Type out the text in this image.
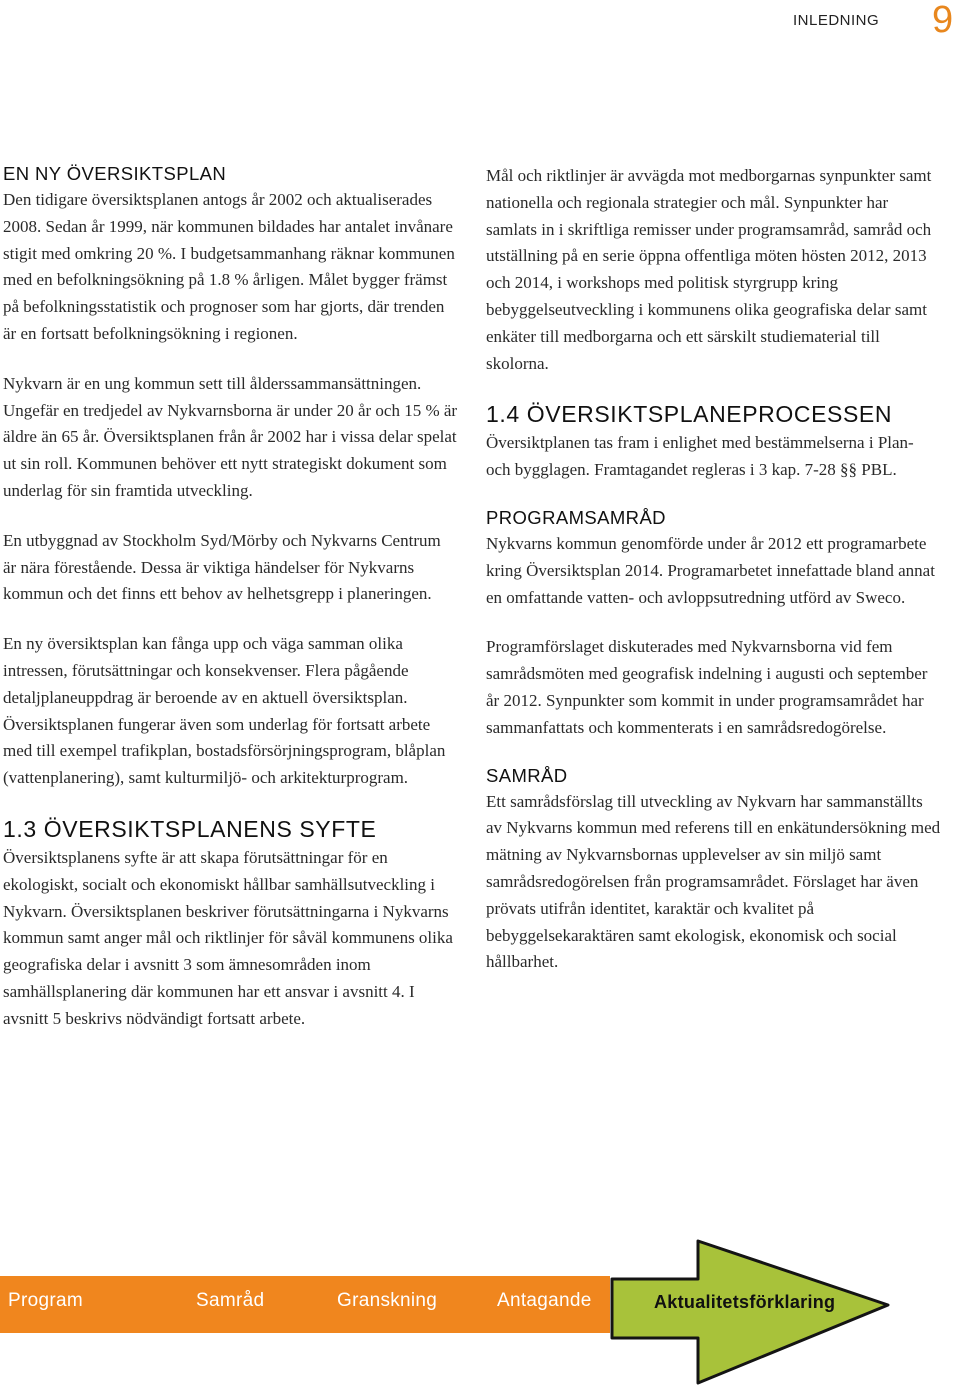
INLEDNING 9
EN NY ÖVERSIKTSPLAN

Den tidigare översiktsplanen antogs år 2002 och aktualiserades 2008. Sedan år 1999, när kommunen bildades har antalet invånare stigit med omkring 20 %. I budgetsammanhang räknar kommunen med en befolkningsökning på 1.8 % årligen. Målet bygger främst på befolkningsstatistik och prognoser som har gjorts, där trenden är en fortsatt befolkningsökning i regionen.

Nykvarn är en ung kommun sett till ålderssammansättningen. Ungefär en tredjedel av Nykvarnsborna är under 20 år och 15 % är äldre än 65 år. Översiktsplanen från år 2002 har i vissa delar spelat ut sin roll. Kommunen behöver ett nytt strategiskt dokument som underlag för sin framtida utveckling.

En utbyggnad av Stockholm Syd/Mörby och Nykvarns Centrum är nära förestående. Dessa är viktiga händelser för Nykvarns kommun och det finns ett behov av helhetsgrepp i planeringen.

En ny översiktsplan kan fånga upp och väga samman olika intressen, förutsättningar och konsekvenser. Flera pågående detaljplaneuppdrag är beroende av en aktuell översiktsplan. Översiktsplanen fungerar även som underlag för fortsatt arbete med till exempel trafikplan, bostadsförsörjningsprogram, blåplan (vattenplanering), samt kulturmiljö- och arkitekturprogram.

1.3 ÖVERSIKTSPLANENS SYFTE

Översiktsplanens syfte är att skapa förutsättningar för en ekologiskt, socialt och ekonomiskt hållbar samhällsutveckling i Nykvarn. Översiktsplanen beskriver förutsättningarna i Nykvarns kommun samt anger mål och riktlinjer för såväl kommunens olika geografiska delar i avsnitt 3 som ämnesområden inom samhällsplanering där kommunen har ett ansvar i avsnitt 4. I avsnitt 5 beskrivs nödvändigt fortsatt arbete.

Mål och riktlinjer är avvägda mot medborgarnas synpunkter samt nationella och regionala strategier och mål. Synpunkter har samlats in i skriftliga remisser under programsamråd, samråd och utställning på en serie öppna offentliga möten hösten 2012, 2013 och 2014, i workshops med politisk styrgrupp kring bebyggelseutveckling i kommunens olika geografiska delar samt enkäter till medborgarna och ett särskilt studiematerial till skolorna.

1.4 ÖVERSIKTSPLANEPROCESSEN

Översiktplanen tas fram i enlighet med bestämmelserna i Plan- och bygglagen. Framtagandet regleras i 3 kap. 7-28 §§ PBL.

PROGRAMSAMRÅD

Nykvarns kommun genomförde under år 2012 ett programarbete kring Översiktsplan 2014. Programarbetet innefattade bland annat en omfattande vatten- och avloppsutredning utförd av Sweco.

Programförslaget diskuterades med Nykvarnsborna vid fem samrådsmöten med geografisk indelning i augusti och september år 2012. Synpunkter som kommit in under programsamrådet har sammanfattats och kommenterats i en samrådsredogörelse.

SAMRÅD

Ett samrådsförslag till utveckling av Nykvarn har sammanställts av Nykvarns kommun med referens till en enkätundersökning med mätning av Nykvarnsbornas upplevelser av sin miljö samt samrådsredogörelsen från programsamrådet. Förslaget har även prövats utifrån identitet, karaktär och kvalitet på bebyggelsekaraktären samt ekologisk, ekonomisk och social hållbarhet.

Program	Samråd	Granskning	Antagande	Aktualitetsförklaring
